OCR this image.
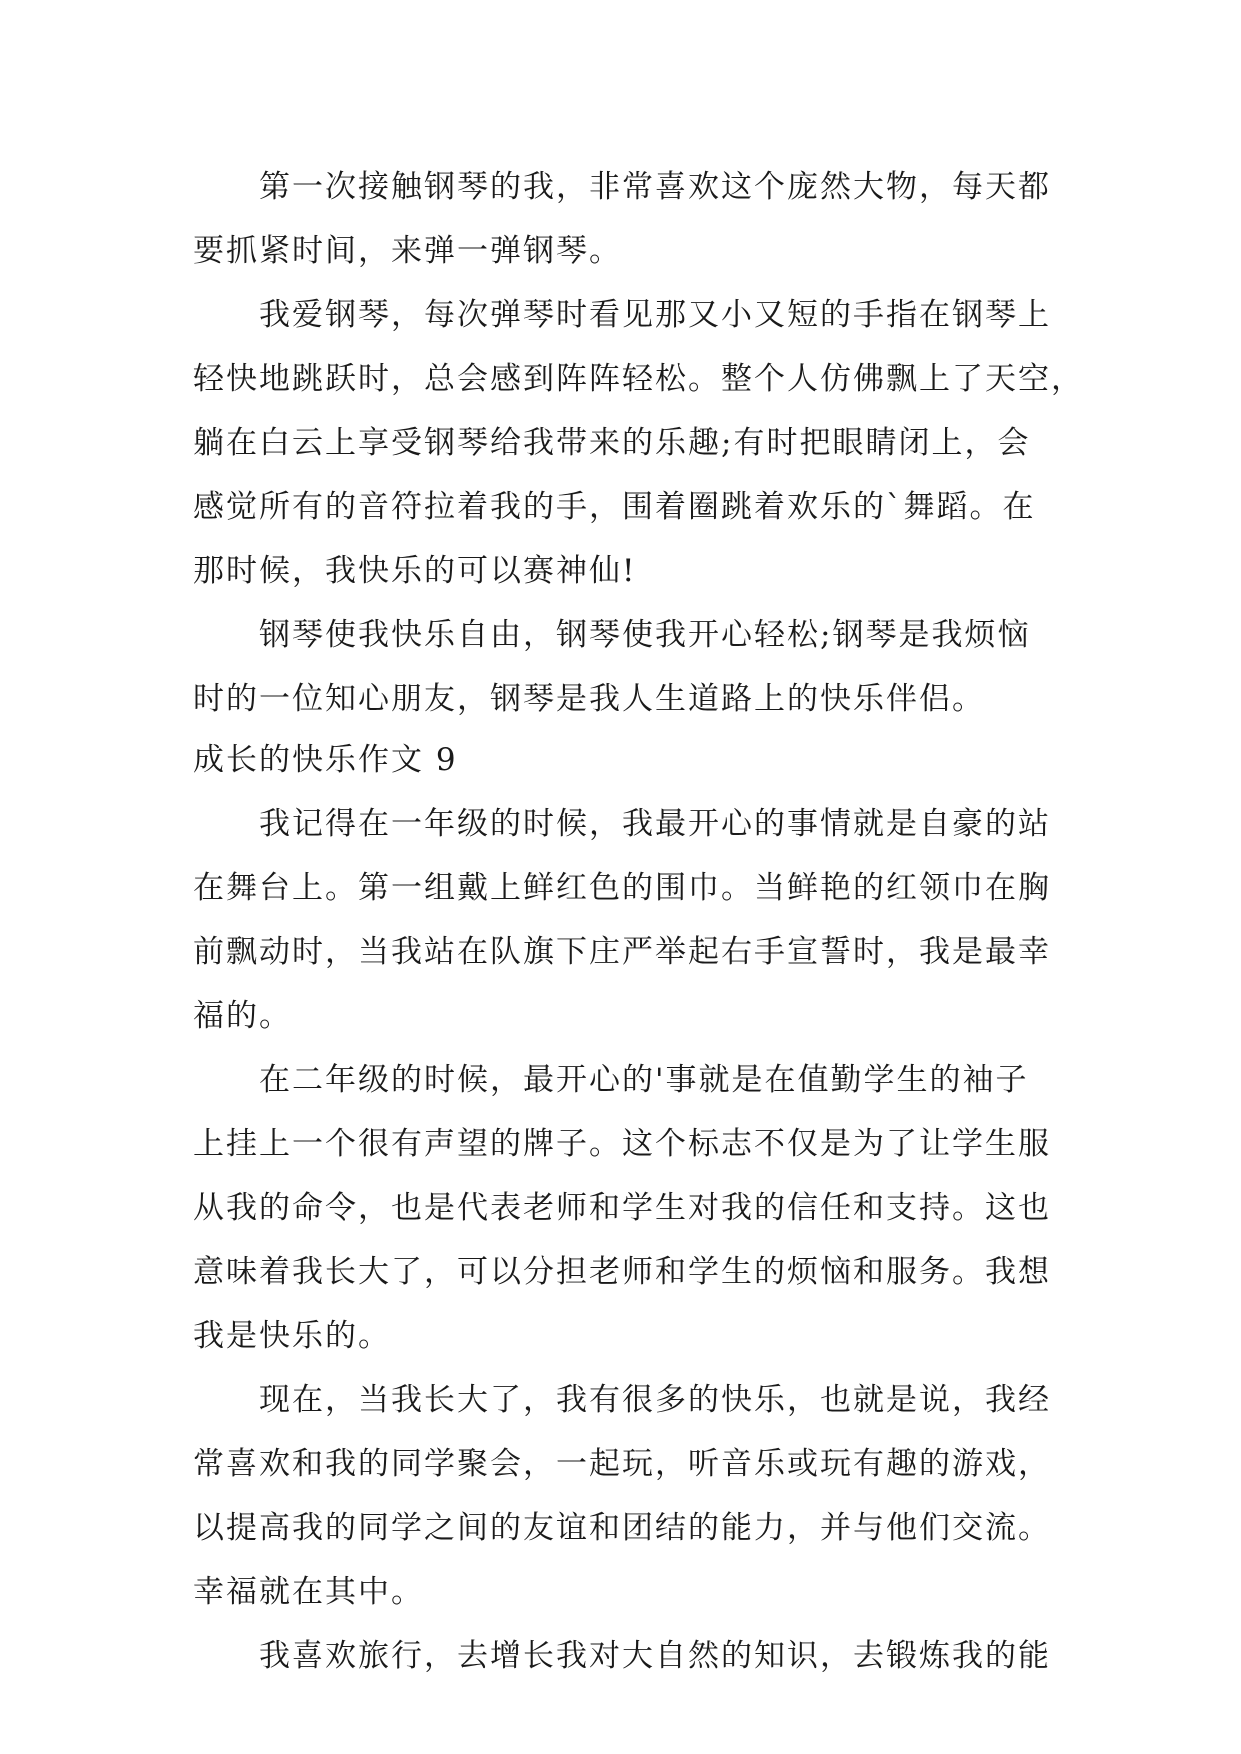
第一次接触钢琴的我，非常喜欢这个庞然大物，每天都

要抓紧时间，来弹一弹钢琴。

我爱钢琴，每次弹琴时看见那又小又短的手指在钢琴上

轻快地跳跃时，总会感到阵阵轻松。整个人仿佛飘上了天空，

躺在白云上享受钢琴给我带来的乐趣;有时把眼睛闭上，会

感觉所有的音符拉着我的手，围着圈跳着欢乐的`舞蹈。在

那时候，我快乐的可以赛神仙!

钢琴使我快乐自由，钢琴使我开心轻松;钢琴是我烦恼

时的一位知心朋友，钢琴是我人生道路上的快乐伴侣。

成长的快乐作文 9

我记得在一年级的时候，我最开心的事情就是自豪的站

在舞台上。第一组戴上鲜红色的围巾。当鲜艳的红领巾在胸

前飘动时，当我站在队旗下庄严举起右手宣誓时，我是最幸

福的。

在二年级的时候，最开心的'事就是在值勤学生的袖子

上挂上一个很有声望的牌子。这个标志不仅是为了让学生服

从我的命令，也是代表老师和学生对我的信任和支持。这也

意味着我长大了，可以分担老师和学生的烦恼和服务。我想

我是快乐的。

现在，当我长大了，我有很多的快乐，也就是说，我经

常喜欢和我的同学聚会，一起玩，听音乐或玩有趣的游戏，

以提高我的同学之间的友谊和团结的能力，并与他们交流。

幸福就在其中。

我喜欢旅行，去增长我对大自然的知识，去锻炼我的能
